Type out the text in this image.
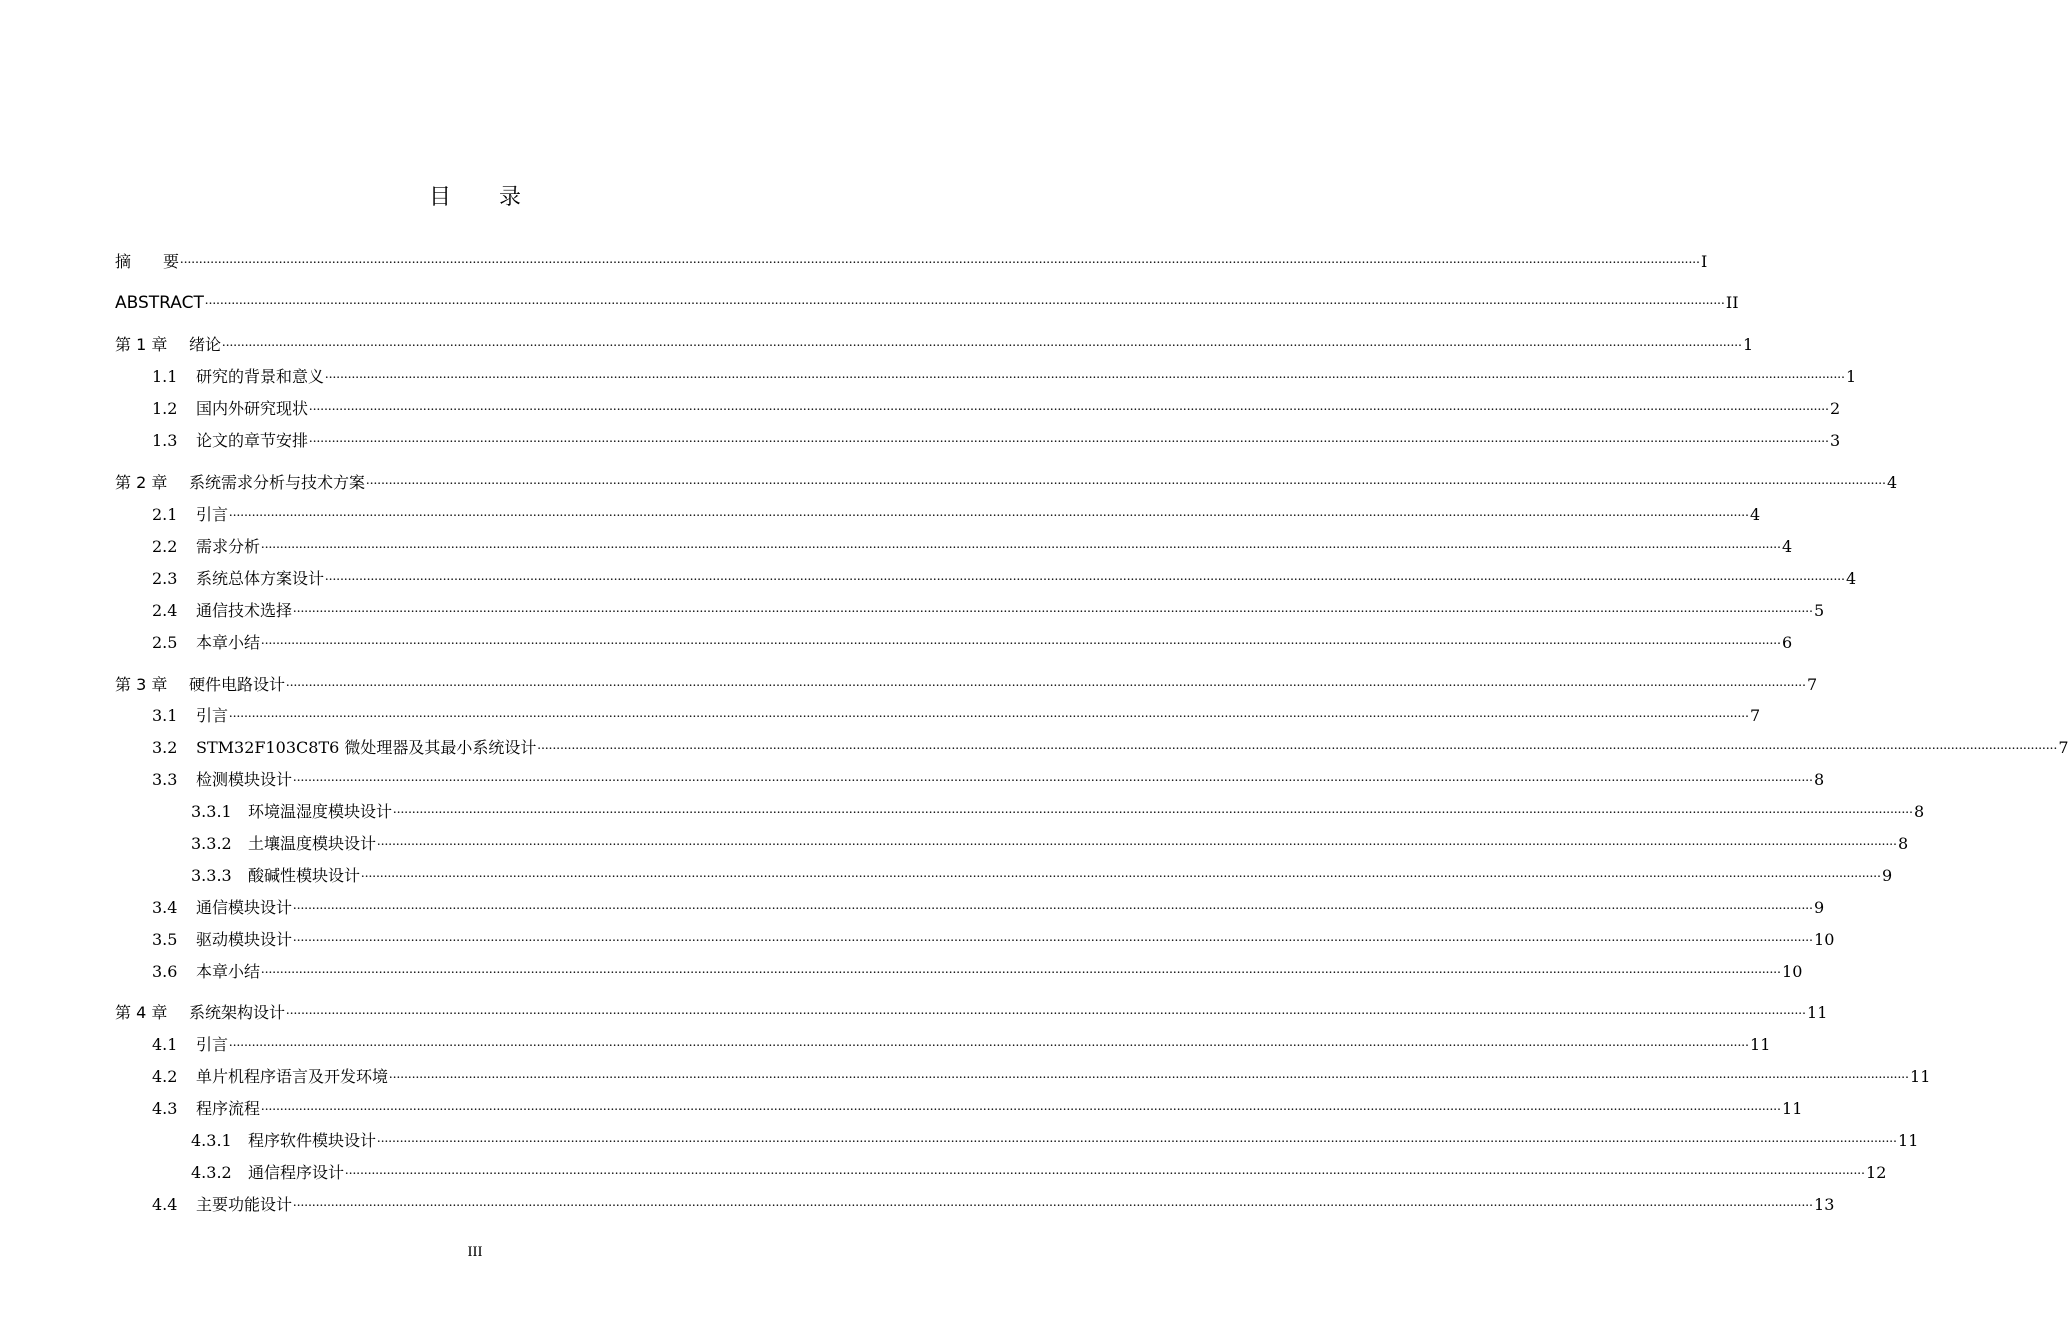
目 录
摘　　要 ................................................................................................................................................................................................................................................................................................................................................................................................................ I
ABSTRACT ................................................................................................................................................................................................................................................................................................................................................................................................................ II
第 1 章	绪论 ................................................................................................................................................................................................................................................................................................................................................................................................................ 1
1.1	研究的背景和意义 ................................................................................................................................................................................................................................................................................................................................................................................................................ 1
1.2	国内外研究现状 ................................................................................................................................................................................................................................................................................................................................................................................................................ 2
1.3	论文的章节安排 ................................................................................................................................................................................................................................................................................................................................................................................................................ 3
第 2 章	系统需求分析与技术方案 ................................................................................................................................................................................................................................................................................................................................................................................................................ 4
2.1	引言 ................................................................................................................................................................................................................................................................................................................................................................................................................ 4
2.2	需求分析 ................................................................................................................................................................................................................................................................................................................................................................................................................ 4
2.3	系统总体方案设计 ................................................................................................................................................................................................................................................................................................................................................................................................................ 4
2.4	通信技术选择 ................................................................................................................................................................................................................................................................................................................................................................................................................ 5
2.5	本章小结 ................................................................................................................................................................................................................................................................................................................................................................................................................ 6
第 3 章	硬件电路设计 ................................................................................................................................................................................................................................................................................................................................................................................................................ 7
3.1	引言 ................................................................................................................................................................................................................................................................................................................................................................................................................ 7
3.2	STM32F103C8T6 微处理器及其最小系统设计 ................................................................................................................................................................................................................................................................................................................................................................................................................ 7
3.3	检测模块设计 ................................................................................................................................................................................................................................................................................................................................................................................................................ 8
3.3.1	环境温湿度模块设计 ................................................................................................................................................................................................................................................................................................................................................................................................................ 8
3.3.2	土壤温度模块设计 ................................................................................................................................................................................................................................................................................................................................................................................................................ 8
3.3.3	酸碱性模块设计 ................................................................................................................................................................................................................................................................................................................................................................................................................ 9
3.4	通信模块设计 ................................................................................................................................................................................................................................................................................................................................................................................................................ 9
3.5	驱动模块设计 ................................................................................................................................................................................................................................................................................................................................................................................................................ 10
3.6	本章小结 ................................................................................................................................................................................................................................................................................................................................................................................................................ 10
第 4 章	系统架构设计 ................................................................................................................................................................................................................................................................................................................................................................................................................ 11
4.1	引言 ................................................................................................................................................................................................................................................................................................................................................................................................................ 11
4.2	单片机程序语言及开发环境 ................................................................................................................................................................................................................................................................................................................................................................................................................ 11
4.3	程序流程 ................................................................................................................................................................................................................................................................................................................................................................................................................ 11
4.3.1	程序软件模块设计 ................................................................................................................................................................................................................................................................................................................................................................................................................ 11
4.3.2	通信程序设计 ................................................................................................................................................................................................................................................................................................................................................................................................................ 12
4.4	主要功能设计 ................................................................................................................................................................................................................................................................................................................................................................................................................ 13
III
